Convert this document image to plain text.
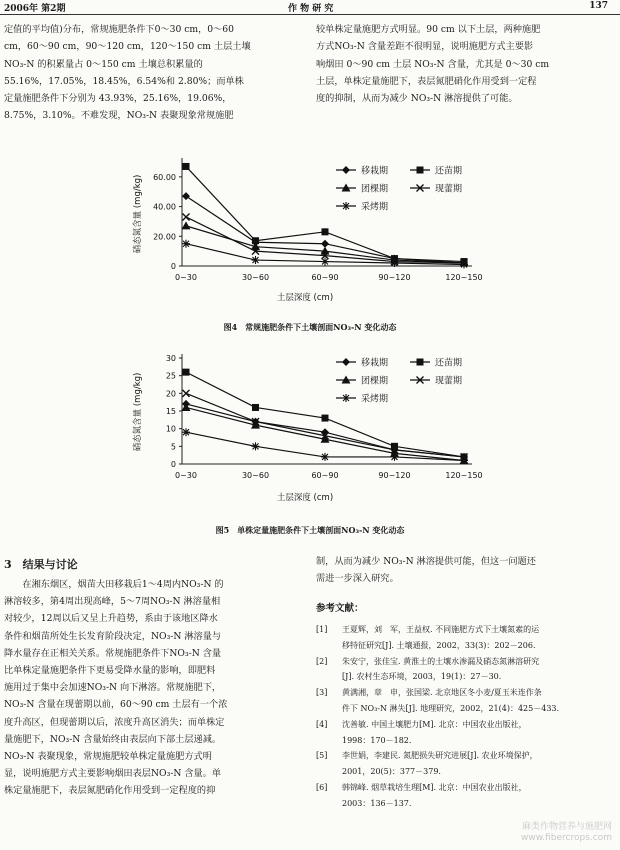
2006年 第2期	作 物 研 究	137

定值的平均值)分布，常规施肥条件下0～30 cm，0～60

cm，60～90 cm，90～120 cm，120～150 cm 土层土壤

NO₃-N 的积累量占 0～150 cm 土壤总积累量的

55.16%，17.05%，18.45%，6.54%和 2.80%；而单株

定量施肥条件下分别为 43.93%，25.16%，19.06%，

8.75%，3.10%。不难发现，NO₃-N 表聚现象常规施肥

较单株定量施肥方式明显。90 cm 以下土层，两种施肥

方式NO₃-N 含量差距不很明显，说明施肥方式主要影

响烟田 0～90 cm 土层 NO₃-N 含量，尤其是 0～30 cm

土层，单株定量施肥下，表层氮肥硝化作用受到一定程

度的抑制，从而为减少 NO₃-N 淋溶提供了可能。

0
20.00
40.00
60.00
0~30	30~60	60~90	90~120	120~150
硝态氮含量 (mg/kg)
土层深度 (cm)
移栽期	还苗期
团棵期	现蕾期
采烤期
图4　常规施肥条件下土壤剖面NO₃-N 变化动态
0
5
10
15
20
25
30
0~30	30~60	60~90	90~120	120~150
硝态氮含量 (mg/kg)
土层深度 (cm)
移栽期	还苗期
团棵期	现蕾期
采烤期
图5　单株定量施肥条件下土壤剖面NO₃-N 变化动态
3　结果与讨论

在湘东烟区，烟苗大田移栽后1～4周内NO₃-N 的

淋溶较多，第4周出现高峰，5～7周NO₃-N 淋溶量相

对较少，12周以后又呈上升趋势，系由于该地区降水

条件和烟苗所处生长发育阶段决定，NO₃-N 淋溶量与

降水量存在正相关关系。常规施肥条件下NO₃-N 含量

比单株定量施肥条件下更易受降水量的影响，即肥料

施用过于集中会加速NO₃-N 向下淋溶。常规施肥下，

NO₃-N 含量在现蕾期以前，60～90 cm 土层有一个浓

度升高区，但现蕾期以后，浓度升高区消失；而单株定

量施肥下，NO₃-N 含量始终由表层向下部土层递减。

NO₃-N 表聚现象，常规施肥较单株定量施肥方式明

显，说明施肥方式主要影响烟田表层NO₃-N 含量。单

株定量施肥下，表层氮肥硝化作用受到一定程度的抑

制，从而为减少 NO₃-N 淋溶提供可能，但这一问题还

需进一步深入研究。

参考文献：
[1]	王夏辉，刘　军，王益权. 不同施肥方式下土壤氮素的运
移特征研究[J]. 土壤通报，2002，33(3)：202－206.
[2]	朱安宁，张佳宝. 黄淮土的土壤水渗漏及硝态氮淋溶研究
[J]. 农村生态环境，2003，19(1)：27－30.
[3]	黄满湘，章　申，张国梁. 北京地区冬小麦/夏玉米连作条
件下 NO₃-N 淋失[J]. 地理研究，2002，21(4)：425－433.
[4]	沈善敏. 中国土壤肥力[M]. 北京：中国农业出版社，
1998：170－182.
[5]	李世娟，李建民. 氮肥损失研究进展[J]. 农业环境保护，
2001，20(5)：377－379.
[6]	韩锦峰. 烟草栽培生理[M]. 北京：中国农业出版社，
2003：136－137.
麻类作物营养与施肥网
www.fibercrops.com
